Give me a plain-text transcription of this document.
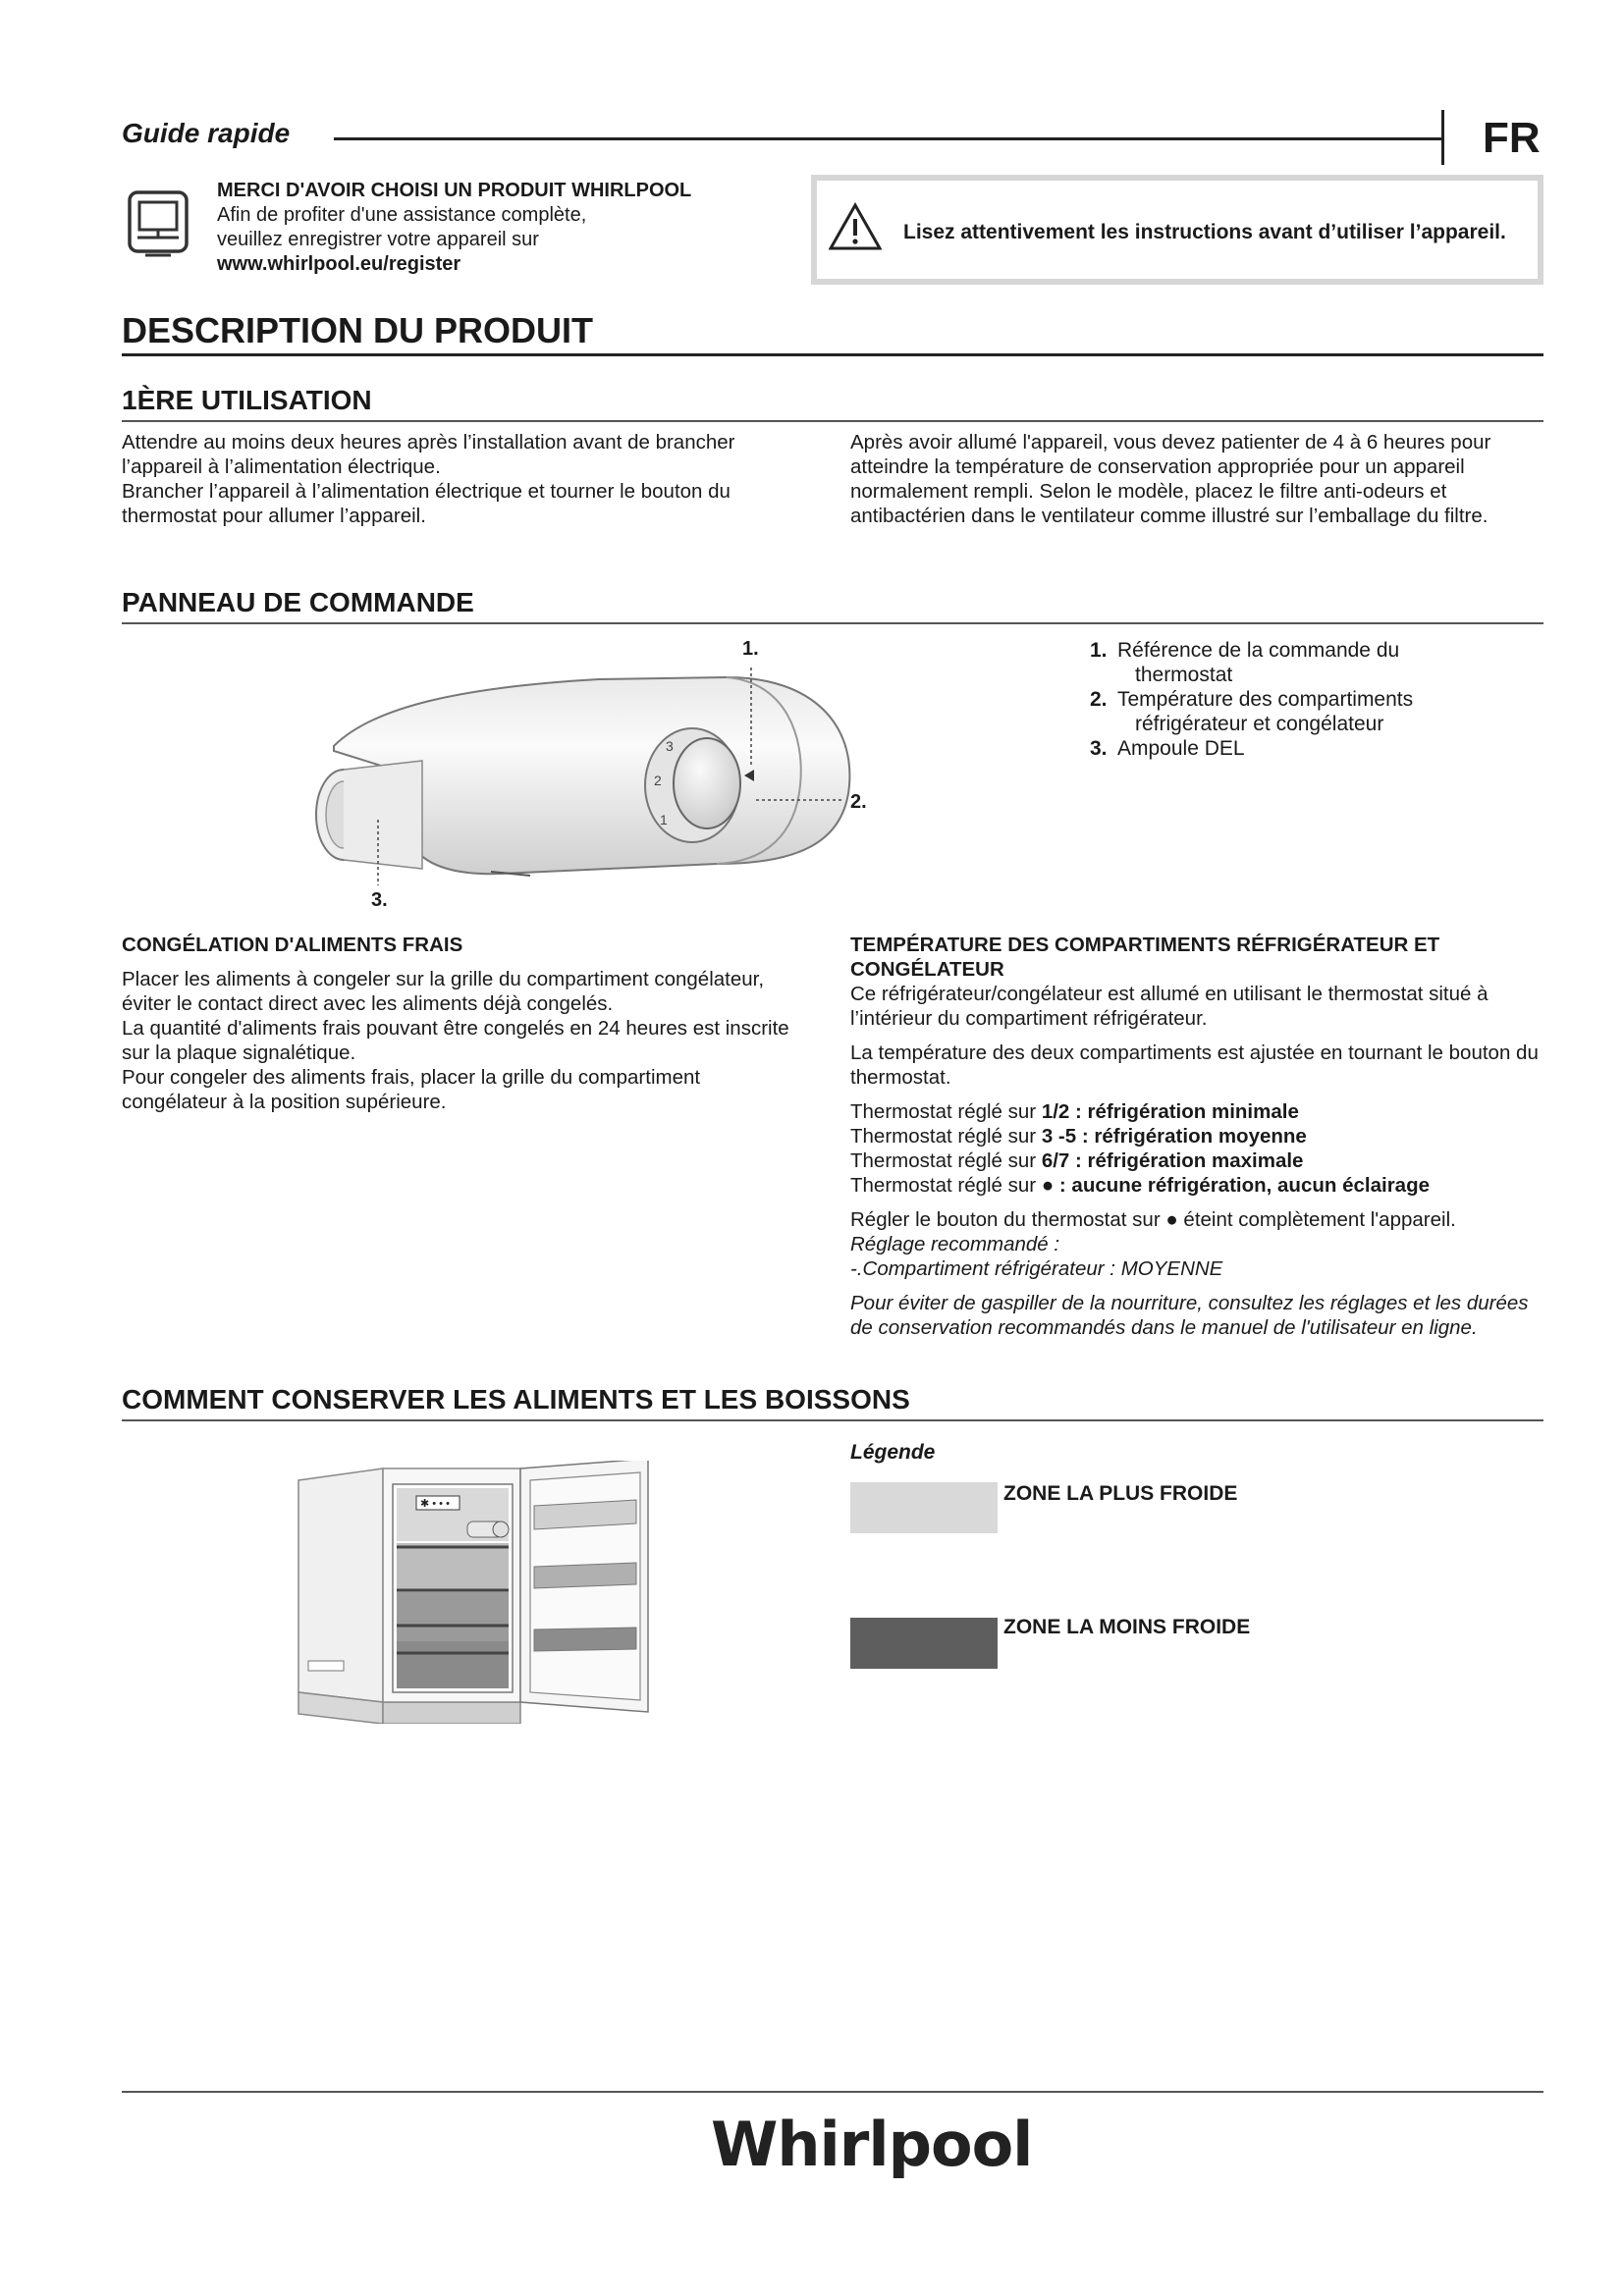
Guide rapide	FR
MERCI D'AVOIR CHOISI UN PRODUIT WHIRLPOOL
Afin de profiter d'une assistance complète,
veuillez enregistrer votre appareil sur
www.whirlpool.eu/register
Lisez attentivement les instructions avant d’utiliser l’appareil.
DESCRIPTION DU PRODUIT
1ÈRE UTILISATION
Attendre au moins deux heures après l’installation avant de brancher l’appareil à l’alimentation électrique.
Brancher l’appareil à l’alimentation électrique et tourner le bouton du thermostat pour allumer l’appareil.
Après avoir allumé l'appareil, vous devez patienter de 4 à 6 heures pour atteindre la température de conservation appropriée pour un appareil normalement rempli. Selon le modèle, placez le filtre anti-odeurs et antibactérien dans le ventilateur comme illustré sur l’emballage du filtre.
PANNEAU DE COMMANDE
3
2
1
1.
2.
3.
1. Référence de la commande du
thermostat
2. Température des compartiments
réfrigérateur et congélateur
3. Ampoule DEL
CONGÉLATION D'ALIMENTS FRAIS
Placer les aliments à congeler sur la grille du compartiment congélateur, éviter le contact direct avec les aliments déjà congelés.
La quantité d'aliments frais pouvant être congelés en 24 heures est inscrite sur la plaque signalétique.
Pour congeler des aliments frais, placer la grille du compartiment congélateur à la position supérieure.
TEMPÉRATURE DES COMPARTIMENTS RÉFRIGÉRATEUR ET CONGÉLATEUR
Ce réfrigérateur/congélateur est allumé en utilisant le thermostat situé à l’intérieur du compartiment réfrigérateur.
La température des deux compartiments est ajustée en tournant le bouton du thermostat.
Thermostat réglé sur 1/2 : réfrigération minimale
Thermostat réglé sur 3 -5 : réfrigération moyenne
Thermostat réglé sur 6/7 : réfrigération maximale
Thermostat réglé sur ● : aucune réfrigération, aucun éclairage
Régler le bouton du thermostat sur ● éteint complètement l'appareil.
Réglage recommandé :
-.Compartiment réfrigérateur : MOYENNE
Pour éviter de gaspiller de la nourriture, consultez les réglages et les durées de conservation recommandés dans le manuel de l'utilisateur en ligne.
COMMENT CONSERVER LES ALIMENTS ET LES BOISSONS
✱ • • •
Légende
ZONE LA PLUS FROIDE
ZONE LA MOINS FROIDE
Whirlpool
